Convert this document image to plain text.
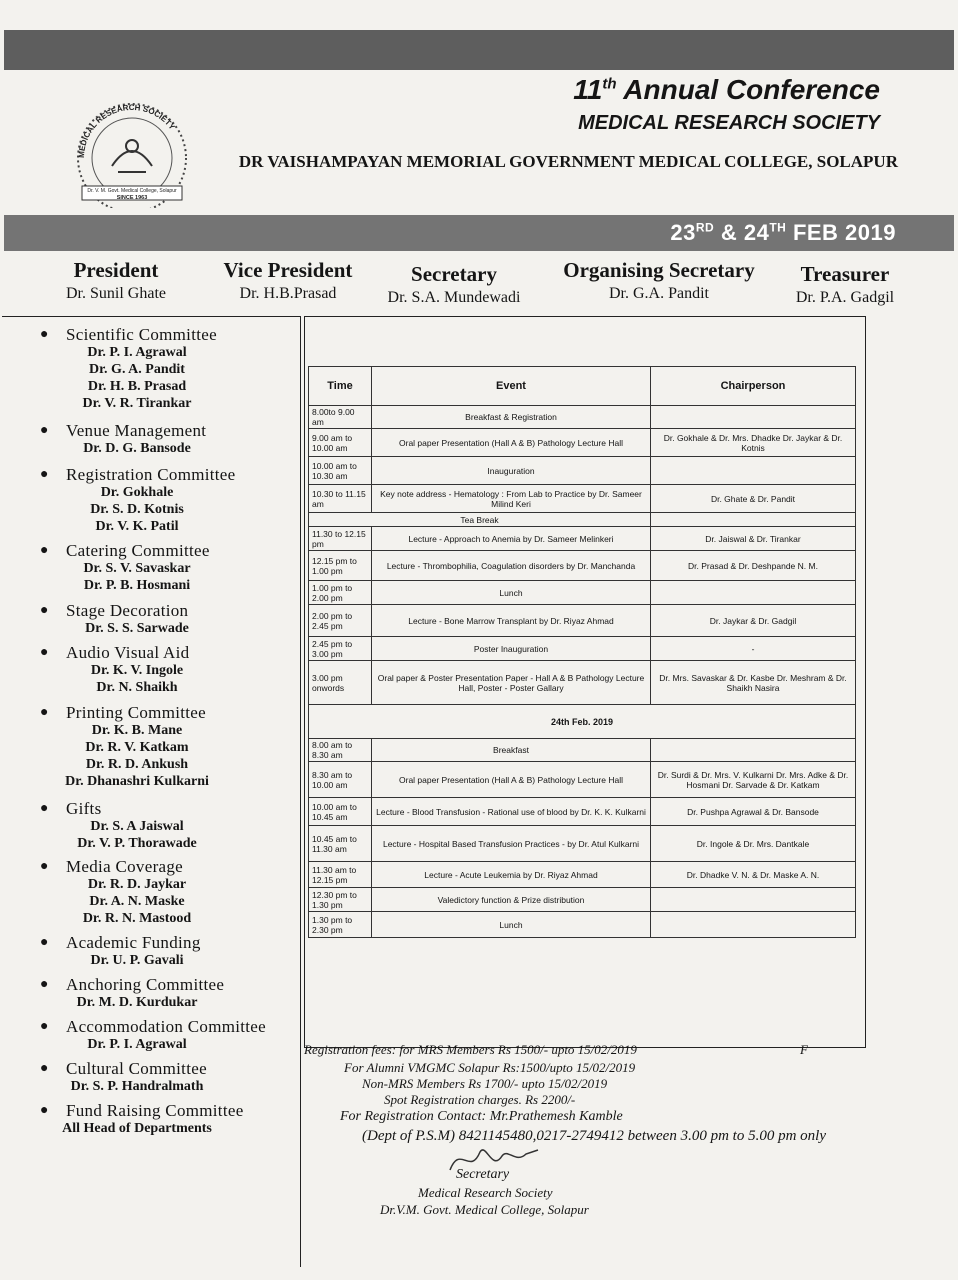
MEDICAL RESEARCH SOCIETY
Dr. V. M. Govt. Medical College, Solapur
SINCE 1963
11th Annual Conference
MEDICAL RESEARCH SOCIETY
DR VAISHAMPAYAN MEMORIAL GOVERNMENT MEDICAL COLLEGE, SOLAPUR
23RD & 24TH FEB 2019
President
Dr. Sunil Ghate
Vice President
Dr. H.B.Prasad
Secretary
Dr. S.A. Mundewadi
Organising Secretary
Dr. G.A. Pandit
Treasurer
Dr. P.A. Gadgil
● Scientific Committee
Dr. P. I. Agrawal
Dr. G. A. Pandit
Dr. H. B. Prasad
Dr. V. R. Tirankar
● Venue Management
Dr. D. G. Bansode
● Registration Committee
Dr. Gokhale
Dr. S. D. Kotnis
Dr. V. K. Patil
● Catering Committee
Dr. S. V. Savaskar
Dr. P. B. Hosmani
● Stage Decoration
Dr. S. S. Sarwade
● Audio Visual Aid
Dr. K. V. Ingole
Dr. N. Shaikh
● Printing Committee
Dr. K. B. Mane
Dr. R. V. Katkam
Dr. R. D. Ankush
Dr. Dhanashri Kulkarni
● Gifts
Dr. S. A Jaiswal
Dr. V. P. Thorawade
● Media Coverage
Dr. R. D. Jaykar
Dr. A. N. Maske
Dr. R. N. Mastood
● Academic Funding
Dr. U. P. Gavali
● Anchoring Committee
Dr. M. D. Kurdukar
● Accommodation Committee
Dr. P. I. Agrawal
● Cultural Committee
Dr. S. P. Handralmath
● Fund Raising Committee
All Head of Departments
Time	Event	Chairperson
8.00to 9.00 am	Breakfast & Registration	
9.00 am to 10.00 am	Oral paper Presentation (Hall A & B) Pathology Lecture Hall	Dr. Gokhale & Dr. Mrs. Dhadke Dr. Jaykar & Dr. Kotnis
10.00 am to 10.30 am	Inauguration	
10.30 to 11.15 am	Key note address - Hematology : From Lab to Practice by Dr. Sameer Milind Keri	Dr. Ghate & Dr. Pandit
Tea Break		
11.30 to 12.15 pm	Lecture - Approach to Anemia by Dr. Sameer Melinkeri	Dr. Jaiswal & Dr. Tirankar
12.15 pm to 1.00 pm	Lecture - Thrombophilia, Coagulation disorders by Dr. Manchanda	Dr. Prasad & Dr. Deshpande N. M.
1.00 pm to 2.00 pm	Lunch	
2.00 pm to 2.45 pm	Lecture - Bone Marrow Transplant by Dr. Riyaz Ahmad	Dr. Jaykar & Dr. Gadgil
2.45 pm to 3.00 pm	Poster Inauguration	-
3.00 pm onwords	Oral paper & Poster Presentation Paper - Hall A & B Pathology Lecture Hall, Poster - Poster Gallary	Dr. Mrs. Savaskar & Dr. Kasbe Dr. Meshram & Dr. Shaikh Nasira
24th Feb. 2019		
8.00 am to 8.30 am	Breakfast	
8.30 am to 10.00 am	Oral paper Presentation (Hall A & B) Pathology Lecture Hall	Dr. Surdi & Dr. Mrs. V. Kulkarni Dr. Mrs. Adke & Dr. Hosmani Dr. Sarvade & Dr. Katkam
10.00 am to 10.45 am	Lecture - Blood Transfusion - Rational use of blood by Dr. K. K. Kulkarni	Dr. Pushpa Agrawal & Dr. Bansode
10.45 am to 11.30 am	Lecture - Hospital Based Transfusion Practices - by Dr. Atul Kulkarni	Dr. Ingole & Dr. Mrs. Dantkale
11.30 am to 12.15 pm	Lecture - Acute Leukemia by Dr. Riyaz Ahmad	Dr. Dhadke V. N. & Dr. Maske A. N.
12.30 pm to 1.30 pm	Valedictory function & Prize distribution	
1.30 pm to 2.30 pm	Lunch	
Registration fees: for MRS Members Rs 1500/- upto 15/02/2019	F
For Alumni VMGMC Solapur Rs:1500/upto 15/02/2019
Non-MRS Members Rs 1700/- upto 15/02/2019
Spot Registration charges. Rs 2200/-
For Registration Contact: Mr.Prathemesh Kamble
(Dept of P.S.M) 8421145480,0217-2749412 between 3.00 pm to 5.00 pm only
Secretary
Medical Research Society
Dr.V.M. Govt. Medical College, Solapur
